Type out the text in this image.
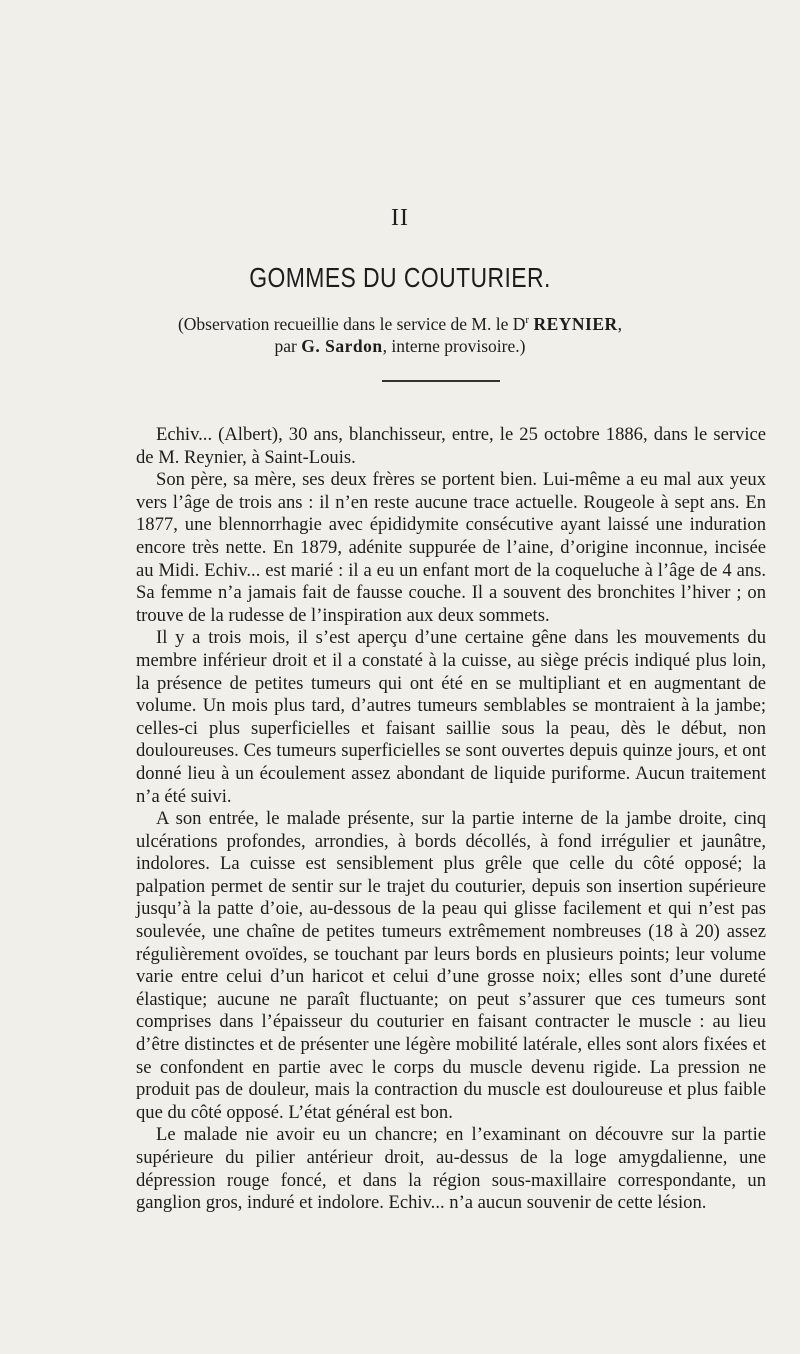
II
GOMMES DU COUTURIER.
(Observation recueillie dans le service de M. le $D^r$ REYNIER,
par G. Sardon, interne provisoire.)

Echiv... (Albert), 30 ans, blanchisseur, entre, le 25 octobre 1886, dans le service de M. Reynier, à Saint-Louis.

Son père, sa mère, ses deux frères se portent bien. Lui-même a eu mal aux yeux vers l’âge de trois ans : il n’en reste aucune trace actuelle. Rougeole à sept ans. En 1877, une blennorrhagie avec épididymite consécutive ayant laissé une induration encore très nette. En 1879, adénite suppurée de l’aine, d’origine inconnue, incisée au Midi. Echiv... est marié : il a eu un enfant mort de la coqueluche à l’âge de 4 ans. Sa femme n’a jamais fait de fausse couche. Il a souvent des bronchites l’hiver ; on trouve de la rudesse de l’inspiration aux deux sommets.

Il y a trois mois, il s’est aperçu d’une certaine gêne dans les mouvements du membre inférieur droit et il a constaté à la cuisse, au siège précis indiqué plus loin, la présence de petites tumeurs qui ont été en se multipliant et en augmentant de volume. Un mois plus tard, d’autres tumeurs semblables se montraient à la jambe; celles-ci plus superficielles et faisant saillie sous la peau, dès le début, non douloureuses. Ces tumeurs superficielles se sont ouvertes depuis quinze jours, et ont donné lieu à un écoulement assez abondant de liquide puriforme. Aucun traitement n’a été suivi.

A son entrée, le malade présente, sur la partie interne de la jambe droite, cinq ulcérations profondes, arrondies, à bords décollés, à fond irrégulier et jaunâtre, indolores. La cuisse est sensiblement plus grêle que celle du côté opposé; la palpation permet de sentir sur le trajet du couturier, depuis son insertion supérieure jusqu’à la patte d’oie, au-dessous de la peau qui glisse facilement et qui n’est pas soulevée, une chaîne de petites tumeurs extrêmement nombreuses (18 à 20) assez régulièrement ovoïdes, se touchant par leurs bords en plusieurs points; leur volume varie entre celui d’un haricot et celui d’une grosse noix; elles sont d’une dureté élastique; aucune ne paraît fluctuante; on peut s’assurer que ces tumeurs sont comprises dans l’épaisseur du couturier en faisant contracter le muscle : au lieu d’être distinctes et de présenter une légère mobilité latérale, elles sont alors fixées et se confondent en partie avec le corps du muscle devenu rigide. La pression ne produit pas de douleur, mais la contraction du muscle est douloureuse et plus faible que du côté opposé. L’état général est bon.

Le malade nie avoir eu un chancre; en l’examinant on découvre sur la partie supérieure du pilier antérieur droit, au-dessus de la loge amygdalienne, une dépression rouge foncé, et dans la région sous-maxillaire correspondante, un ganglion gros, induré et indolore. Echiv... n’a aucun souvenir de cette lésion.
